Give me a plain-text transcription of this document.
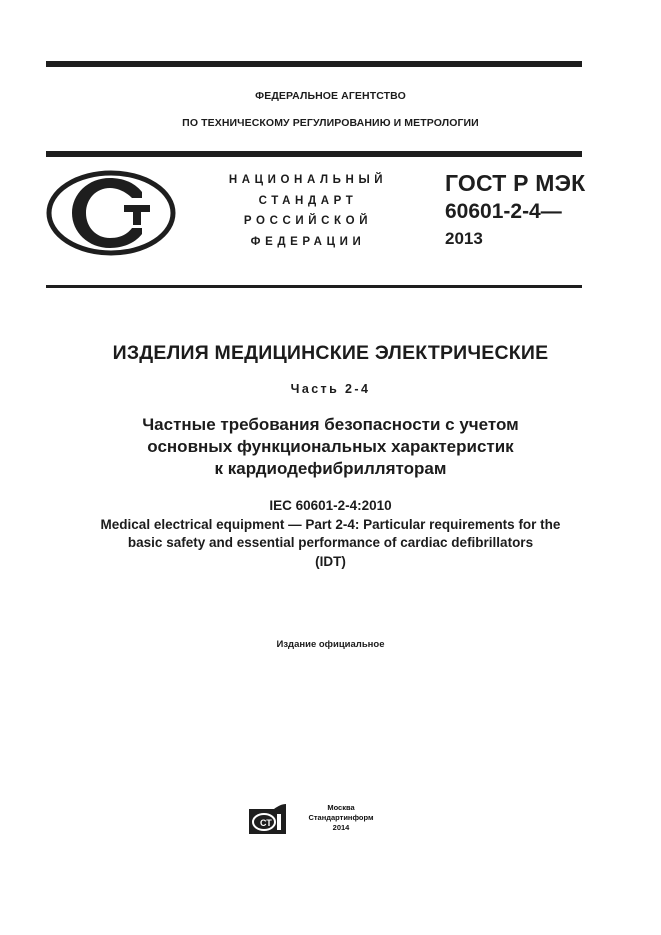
ФЕДЕРАЛЬНОЕ АГЕНТСТВО
ПО ТЕХНИЧЕСКОМУ РЕГУЛИРОВАНИЮ И МЕТРОЛОГИИ
НАЦИОНАЛЬНЫЙ
СТАНДАРТ
РОССИЙСКОЙ
ФЕДЕРАЦИИ
ГОСТ Р МЭК
60601-2-4—
2013
ИЗДЕЛИЯ МЕДИЦИНСКИЕ ЭЛЕКТРИЧЕСКИЕ
Часть 2-4
Частные требования безопасности с учетом
основных функциональных характеристик
к кардиодефибрилляторам
IEC 60601-2-4:2010
Medical electrical equipment — Part 2-4: Particular requirements for the
basic safety and essential performance of cardiac defibrillators
(IDT)
Издание официальное
СТ
Москва
Стандартинформ
2014
